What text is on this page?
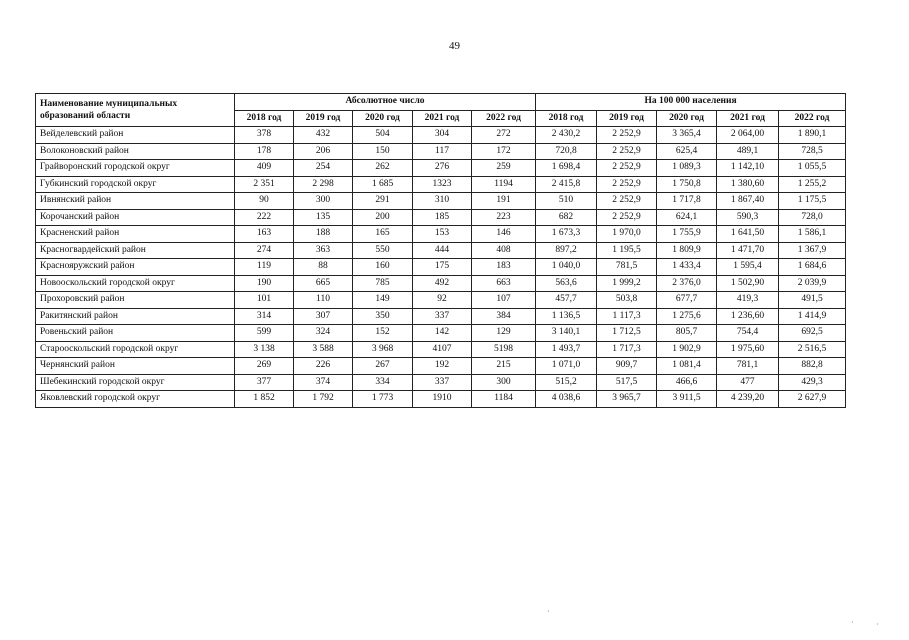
49
Наименование муниципальных образований области	Абсолютное число					На 100 000 населения				
	2018 год	2019 год	2020 год	2021 год	2022 год	2018 год	2019 год	2020 год	2021 год	2022 год
Вейделевский район	378	432	504	304	272	2 430,2	2 252,9	3 365,4	2 064,00	1 890,1
Волоконовский район	178	206	150	117	172	720,8	2 252,9	625,4	489,1	728,5
Грайворонский городской округ	409	254	262	276	259	1 698,4	2 252,9	1 089,3	1 142,10	1 055,5
Губкинский городской округ	2 351	2 298	1 685	1323	1194	2 415,8	2 252,9	1 750,8	1 380,60	1 255,2
Ивнянский район	90	300	291	310	191	510	2 252,9	1 717,8	1 867,40	1 175,5
Корочанский район	222	135	200	185	223	682	2 252,9	624,1	590,3	728,0
Красненский район	163	188	165	153	146	1 673,3	1 970,0	1 755,9	1 641,50	1 586,1
Красногвардейский район	274	363	550	444	408	897,2	1 195,5	1 809,9	1 471,70	1 367,9
Краснояружский район	119	88	160	175	183	1 040,0	781,5	1 433,4	1 595,4	1 684,6
Новооскольский городской округ	190	665	785	492	663	563,6	1 999,2	2 376,0	1 502,90	2 039,9
Прохоровский район	101	110	149	92	107	457,7	503,8	677,7	419,3	491,5
Ракитянский район	314	307	350	337	384	1 136,5	1 117,3	1 275,6	1 236,60	1 414,9
Ровеньский район	599	324	152	142	129	3 140,1	1 712,5	805,7	754,4	692,5
Старооскольский городской округ	3 138	3 588	3 968	4107	5198	1 493,7	1 717,3	1 902,9	1 975,60	2 516,5
Чернянский район	269	226	267	192	215	1 071,0	909,7	1 081,4	781,1	882,8
Шебекинский городской округ	377	374	334	337	300	515,2	517,5	466,6	477	429,3
Яковлевский городской округ	1 852	1 792	1 773	1910	1184	4 038,6	3 965,7	3 911,5	4 239,20	2 627,9
·
·	·
